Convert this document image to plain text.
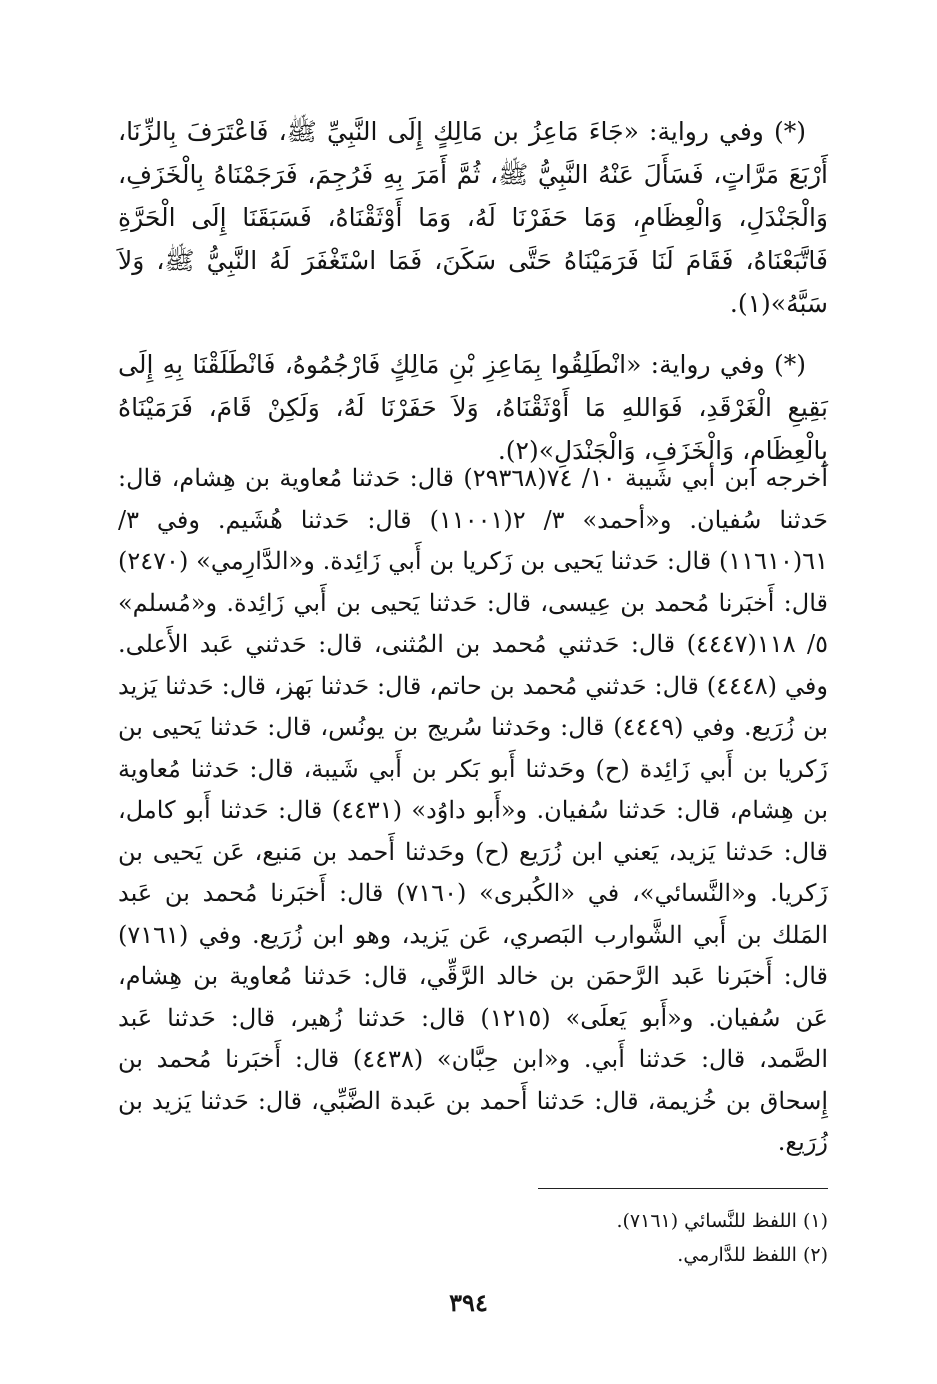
(*) وفي رواية: «جَاءَ مَاعِزُ بن مَالِكٍ إِلَى النَّبِيِّ ﷺ، فَاعْتَرَفَ بِالزِّنَا، أَرْبَعَ مَرَّاتٍ، فَسَأَلَ عَنْهُ النَّبِيُّ ﷺ، ثُمَّ أَمَرَ بِهِ فَرُجِمَ، فَرَجَمْنَاهُ بِالْخَزَفِ، وَالْجَنْدَلِ، وَالْعِظَامِ، وَمَا حَفَرْنَا لَهُ، وَمَا أَوْثَقْنَاهُ، فَسَبَقَنَا إِلَى الْحَرَّةِ فَاتَّبَعْنَاهُ، فَقَامَ لَنَا فَرَمَيْنَاهُ حَتَّى سَكَنَ، فَمَا اسْتَغْفَرَ لَهُ النَّبِيُّ ﷺ، وَلاَ سَبَّهُ»(١).

(*) وفي رواية: «انْطَلِقُوا بِمَاعِزِ بْنِ مَالِكٍ فَارْجُمُوهُ، فَانْطَلَقْنَا بِهِ إِلَى بَقِيعِ الْغَرْقَدِ، فَوَاللهِ مَا أَوْثَقْنَاهُ، وَلاَ حَفَرْنَا لَهُ، وَلَكِنْ قَامَ، فَرَمَيْنَاهُ بِالْعِظَامِ، وَالْخَزَفِ، وَالْجَنْدَلِ»(٢).

أخرجه ابن أبي شَيبة ١٠/ ٧٤(٢٩٣٦٨) قال: حَدثنا مُعاوية بن هِشام، قال: حَدثنا سُفيان. و«أحمد» ٣/ ٢(١١٠٠١) قال: حَدثنا هُشَيم. وفي ٣/ ٦١(١١٦١٠) قال: حَدثنا يَحيى بن زَكريا بن أَبي زَائِدة. و«الدَّارِمي» (٢٤٧٠) قال: أَخبَرنا مُحمد بن عِيسى، قال: حَدثنا يَحيى بن أَبي زَائِدة. و«مُسلم» ٥/ ١١٨(٤٤٤٧) قال: حَدثني مُحمد بن المُثنى، قال: حَدثني عَبد الأَعلى. وفي (٤٤٤٨) قال: حَدثني مُحمد بن حاتم، قال: حَدثنا بَهز، قال: حَدثنا يَزيد بن زُرَيع. وفي (٤٤٤٩) قال: وحَدثنا سُريج بن يونُس، قال: حَدثنا يَحيى بن زَكريا بن أَبي زَائِدة (ح) وحَدثنا أَبو بَكر بن أَبي شَيبة، قال: حَدثنا مُعاوية بن هِشام، قال: حَدثنا سُفيان. و«أَبو داوُد» (٤٤٣١) قال: حَدثنا أَبو كامل، قال: حَدثنا يَزيد، يَعني ابن زُرَيع (ح) وحَدثنا أَحمد بن مَنيع، عَن يَحيى بن زَكريا. و«النَّسائي»، في «الكُبرى» (٧١٦٠) قال: أَخبَرنا مُحمد بن عَبد المَلك بن أَبي الشَّوارب البَصري، عَن يَزيد، وهو ابن زُرَيع. وفي (٧١٦١) قال: أَخبَرنا عَبد الرَّحمَن بن خالد الرَّقِّي، قال: حَدثنا مُعاوية بن هِشام، عَن سُفيان. و«أَبو يَعلَى» (١٢١٥) قال: حَدثنا زُهير، قال: حَدثنا عَبد الصَّمد، قال: حَدثنا أَبي. و«ابن حِبَّان» (٤٤٣٨) قال: أَخبَرنا مُحمد بن إِسحاق بن خُزيمة، قال: حَدثنا أَحمد بن عَبدة الضَّبِّي، قال: حَدثنا يَزيد بن زُرَيع.

(١) اللفظ للنَّسائي (٧١٦١).
(٢) اللفظ للدَّارمي.
٣٩٤
